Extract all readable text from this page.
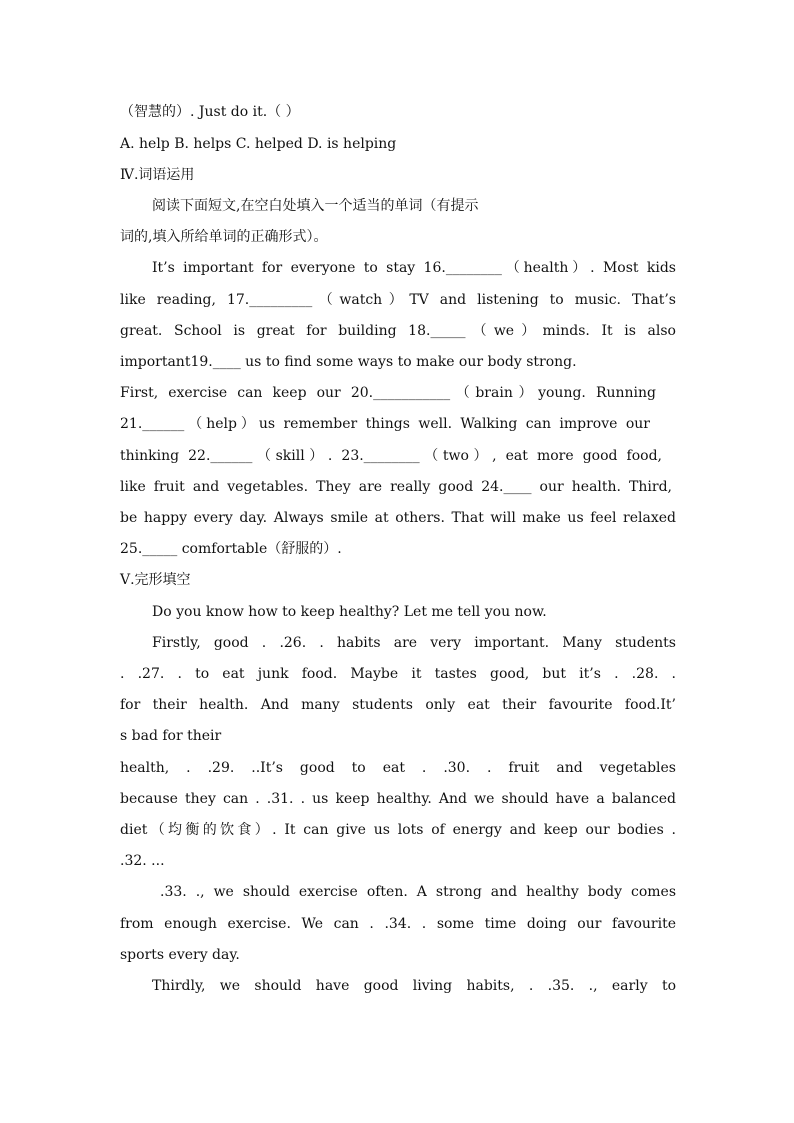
（智慧的）. Just do it.（ ）
A. help B. helps C. helped D. is helping
Ⅳ.词语运用
阅读下面短文,在空白处填入一个适当的单词（有提示
词的,填入所给单词的正确形式）。
It’s important for everyone to stay 16.________（health）. Most kids
like reading, 17._________（watch）TV and listening to music. That’s
great. School is great for building 18._____（we）minds. It is also
important19.____ us to find some ways to make our body strong.
First, exercise can keep our 20.___________（brain）young. Running
21.______（help）us remember things well. Walking can improve our
thinking 22.______（skill）. 23.________（two）, eat more good food,
like fruit and vegetables. They are really good 24.____ our health. Third,
be happy every day. Always smile at others. That will make us feel relaxed
25._____ comfortable（舒服的）.
Ⅴ.完形填空
Do you know how to keep healthy? Let me tell you now.
Firstly, good . .26. . habits are very important. Many students
. .27. . to eat junk food. Maybe it tastes good, but it’s . .28. .
for their health. And many students only eat their favourite food.It’
s bad for their
health, . .29. ..It’s good to eat . .30. . fruit and vegetables
because they can . .31. . us keep healthy. And we should have a balanced
diet（均衡的饮食）. It can give us lots of energy and keep our bodies .
.32. ...
.33. ., we should exercise often. A strong and healthy body comes
from enough exercise. We can . .34. . some time doing our favourite
sports every day.
Thirdly, we should have good living habits, . .35. ., early to
